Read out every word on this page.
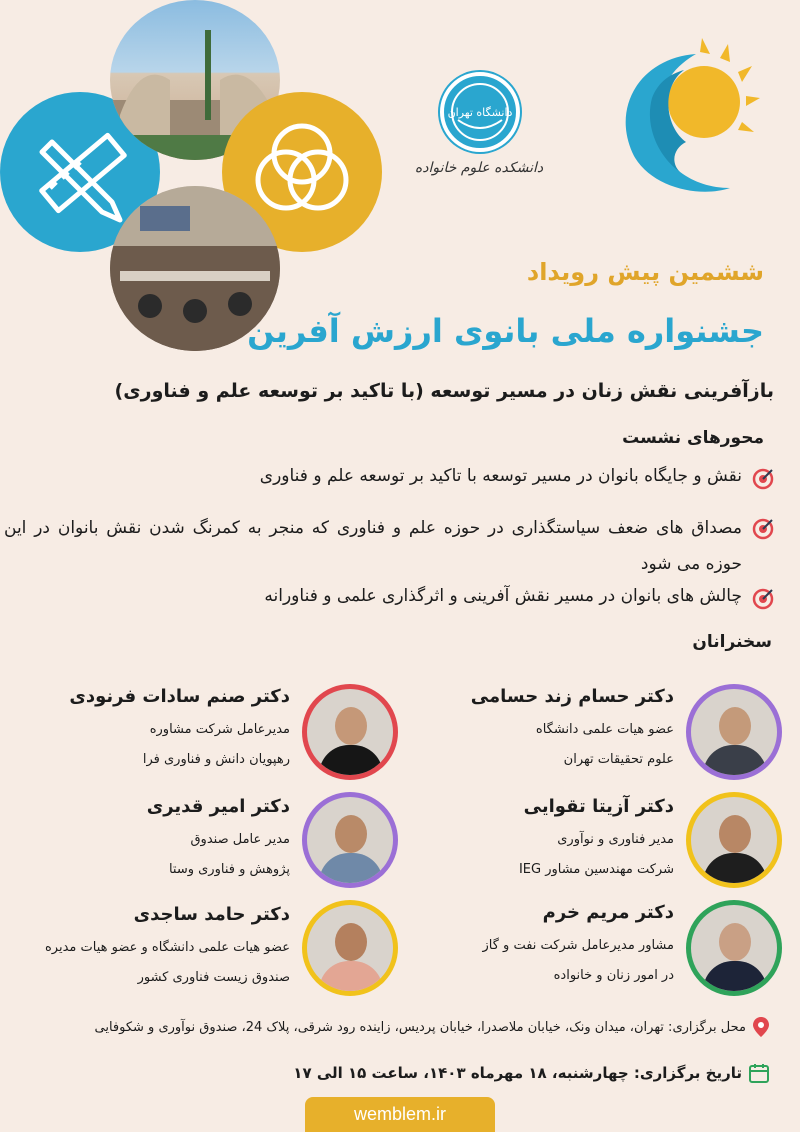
دانشگاه تهران
دانشکده علوم خانواده
ششمین پیش رویداد
جشنواره ملی بانوی ارزش آفرین
بازآفرینی نقش زنان در مسیر توسعه (با تاکید بر توسعه علم و فناوری)
محورهای نشست
نقش و جایگاه بانوان در مسیر توسعه با تاکید بر توسعه علم و فناوری
مصداق های ضعف سیاستگذاری در حوزه علم و فناوری که منجر به کمرنگ شدن نقش بانوان در این حوزه می شود
چالش های بانوان در مسیر نقش آفرینی و اثرگذاری علمی و فناورانه
سخنرانان
دکتر حسام زند حسامی
عضو هیات علمی دانشگاه
علوم تحقیقات تهران
دکتر آزیتا تقوایی
مدیر فناوری و نوآوری
شرکت مهندسین مشاور IEG
دکتر مریم خرم
مشاور مدیرعامل شرکت نفت و گاز
در امور زنان و خانواده
دکتر صنم سادات فرنودی
مدیرعامل شرکت مشاوره
رهپویان دانش و فناوری فرا
دکتر امیر قدیری
مدیر عامل صندوق
پژوهش و فناوری وستا
دکتر حامد ساجدی
عضو هیات علمی دانشگاه و عضو هیات مدیره
صندوق زیست فناوری کشور
محل برگزاری: تهران، میدان ونک، خیابان ملاصدرا، خیابان پردیس، زاینده رود شرقی، پلاک 24، صندوق نوآوری و شکوفایی
تاریخ برگزاری: چهارشنبه، ۱۸ مهرماه ۱۴۰۳، ساعت ۱۵ الی ۱۷
wemblem.ir
